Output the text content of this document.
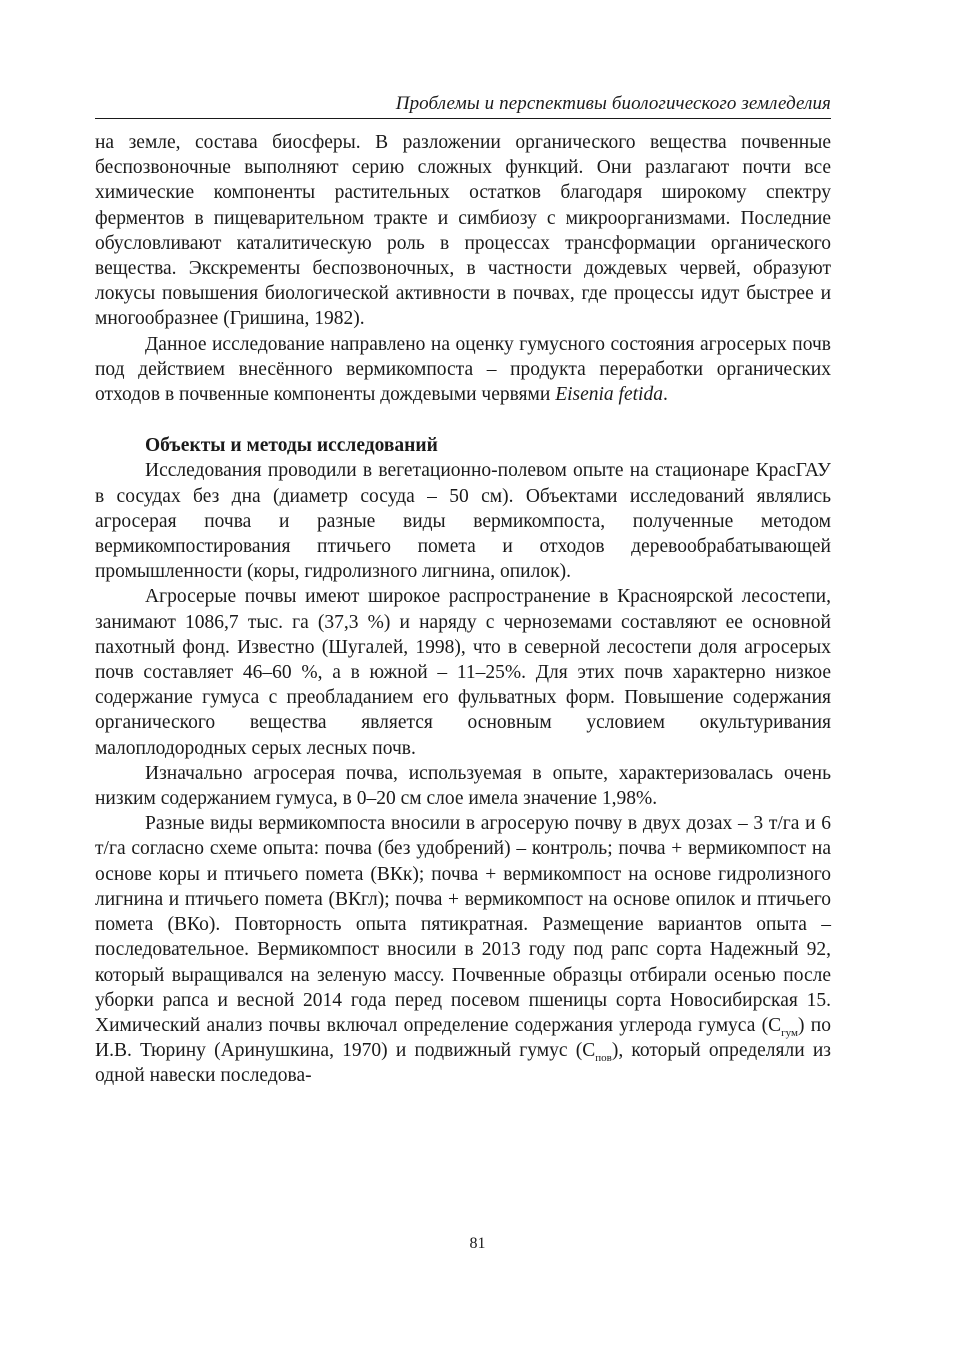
Проблемы и перспективы биологического земледелия

на земле, состава биосферы. В разложении органического вещества почвенные беспозвоночные выполняют серию сложных функций. Они разлагают почти все химические компоненты растительных остатков благодаря широкому спектру ферментов в пищеварительном тракте и симбиозу с микроорганизмами. Последние обусловливают каталитическую роль в процессах трансформации органического вещества. Экскременты беспозвоночных, в частности дождевых червей, образуют локусы повышения биологической активности в почвах, где процессы идут быстрее и многообразнее (Гришина, 1982).

Данное исследование направлено на оценку гумусного состояния агросерых почв под действием внесённого вермикомпоста – продукта переработки органических отходов в почвенные компоненты дождевыми червями Eisenia fetida.

Объекты и методы исследований

Исследования проводили в вегетационно-полевом опыте на стационаре КрасГАУ в сосудах без дна (диаметр сосуда – 50 см). Объектами исследований являлись агросерая почва и разные виды вермикомпоста, полученные методом вермикомпостирования птичьего помета и отходов деревообрабатывающей промышленности (коры, гидролизного лигнина, опилок).

Агросерые почвы имеют широкое распространение в Красноярской лесостепи, занимают 1086,7 тыс. га (37,3 %) и наряду с черноземами составляют ее основной пахотный фонд. Известно (Шугалей, 1998), что в северной лесостепи доля агросерых почв составляет 46–60 %, а в южной – 11–25%. Для этих почв характерно низкое содержание гумуса с преобладанием его фульватных форм. Повышение содержания органического вещества является основным условием окультуривания малоплодородных серых лесных почв.

Изначально агросерая почва, используемая в опыте, характеризовалась очень низким содержанием гумуса, в 0–20 см слое имела значение 1,98%.

Разные виды вермикомпоста вносили в агросерую почву в двух дозах – 3 т/га и 6 т/га согласно схеме опыта: почва (без удобрений) – контроль; почва + вермикомпост на основе коры и птичьего помета (ВКк); почва + вермикомпост на основе гидролизного лигнина и птичьего помета (ВКгл); почва + вермикомпост на основе опилок и птичьего помета (ВКо). Повторность опыта пятикратная. Размещение вариантов опыта – последовательное. Вермикомпост вносили в 2013 году под рапс сорта Надежный 92, который выращивался на зеленую массу. Почвенные образцы отбирали осенью после уборки рапса и весной 2014 года перед посевом пшеницы сорта Новосибирская 15. Химический анализ почвы включал определение содержания углерода гумуса $(С_{гум})$ по И.В. Тюрину (Аринушкина, 1970) и подвижный гумус $(С_{пов})$, который определяли из одной навески последова-

81
